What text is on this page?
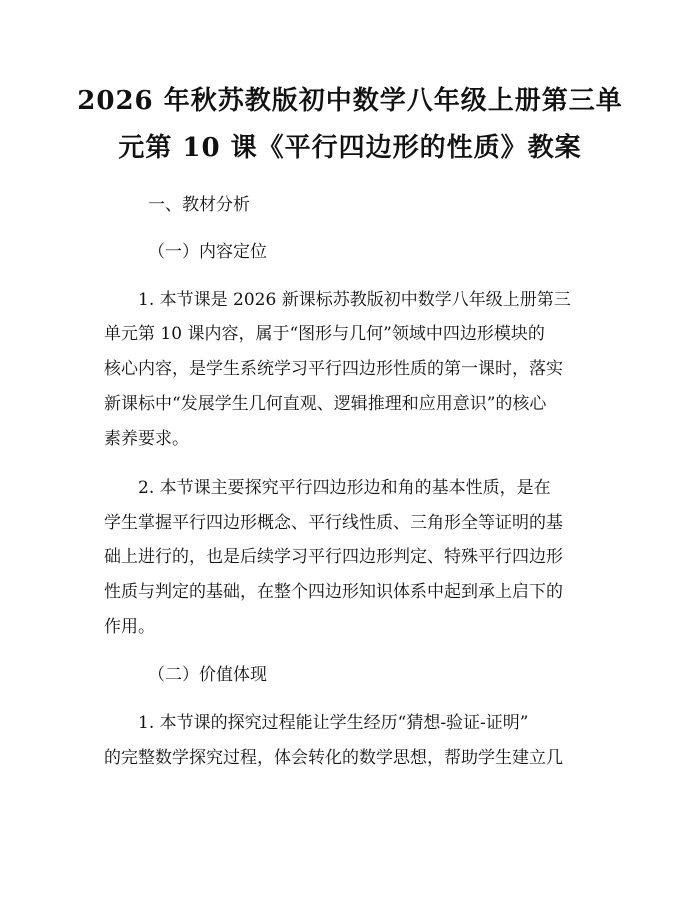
2026 年秋苏教版初中数学八年级上册第三单
元第 10 课《平行四边形的性质》教案

一、教材分析

（一）内容定位

1. 本节课是 2026 新课标苏教版初中数学八年级上册第三
单元第 10 课内容，属于“图形与几何”领域中四边形模块的
核心内容，是学生系统学习平行四边形性质的第一课时，落实
新课标中“发展学生几何直观、逻辑推理和应用意识”的核心
素养要求。
2. 本节课主要探究平行四边形边和角的基本性质，是在
学生掌握平行四边形概念、平行线性质、三角形全等证明的基
础上进行的，也是后续学习平行四边形判定、特殊平行四边形
性质与判定的基础，在整个四边形知识体系中起到承上启下的
作用。

（二）价值体现

1. 本节课的探究过程能让学生经历“猜想-验证-证明”
的完整数学探究过程，体会转化的数学思想，帮助学生建立几
